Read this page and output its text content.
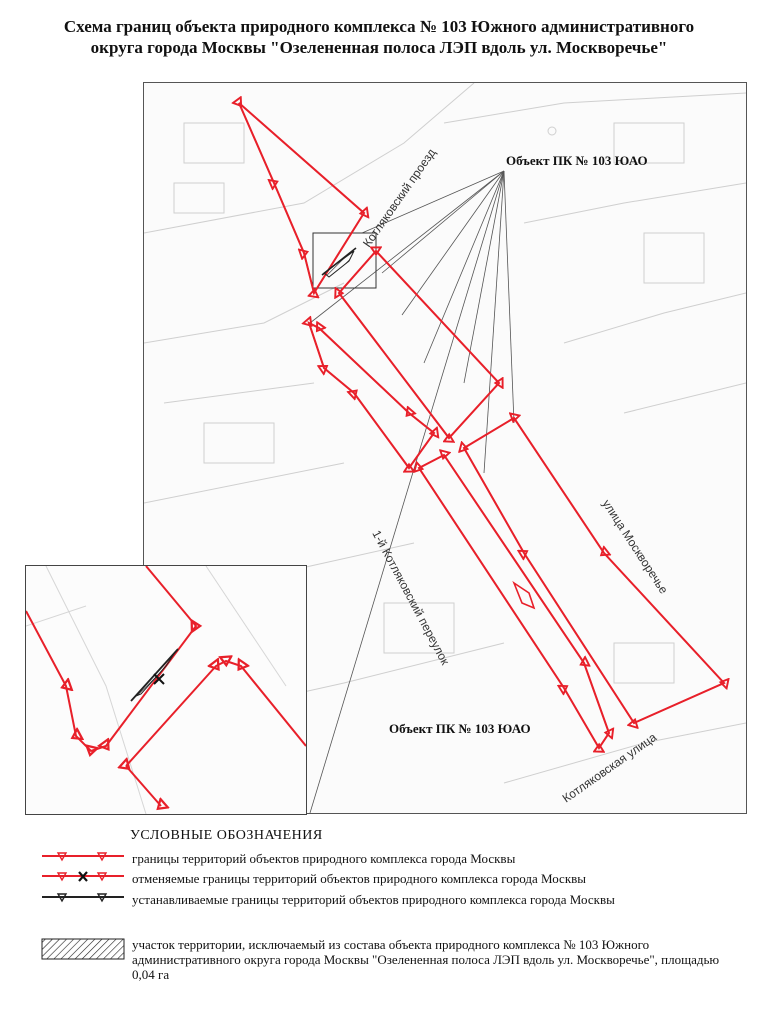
Схема границ объекта природного комплекса № 103 Южного административного
округа города Москвы "Озелененная полоса ЛЭП вдоль ул. Москворечье"
Объект ПК № 103 ЮАО
Объект ПК № 103 ЮАО
Котляковский проезд
улица Москворечье
1-й Котляковский переулок
Котляковская улица
УСЛОВНЫЕ ОБОЗНАЧЕНИЯ
границы территорий объектов природного комплекса города Москвы
отменяемые границы территорий объектов природного комплекса города Москвы
устанавливаемые границы территорий объектов природного комплекса города Москвы
участок территории, исключаемый из состава объекта природного комплекса № 103 Южного административного округа города Москвы "Озелененная полоса ЛЭП вдоль ул. Москворечье", площадью 0,04 га
